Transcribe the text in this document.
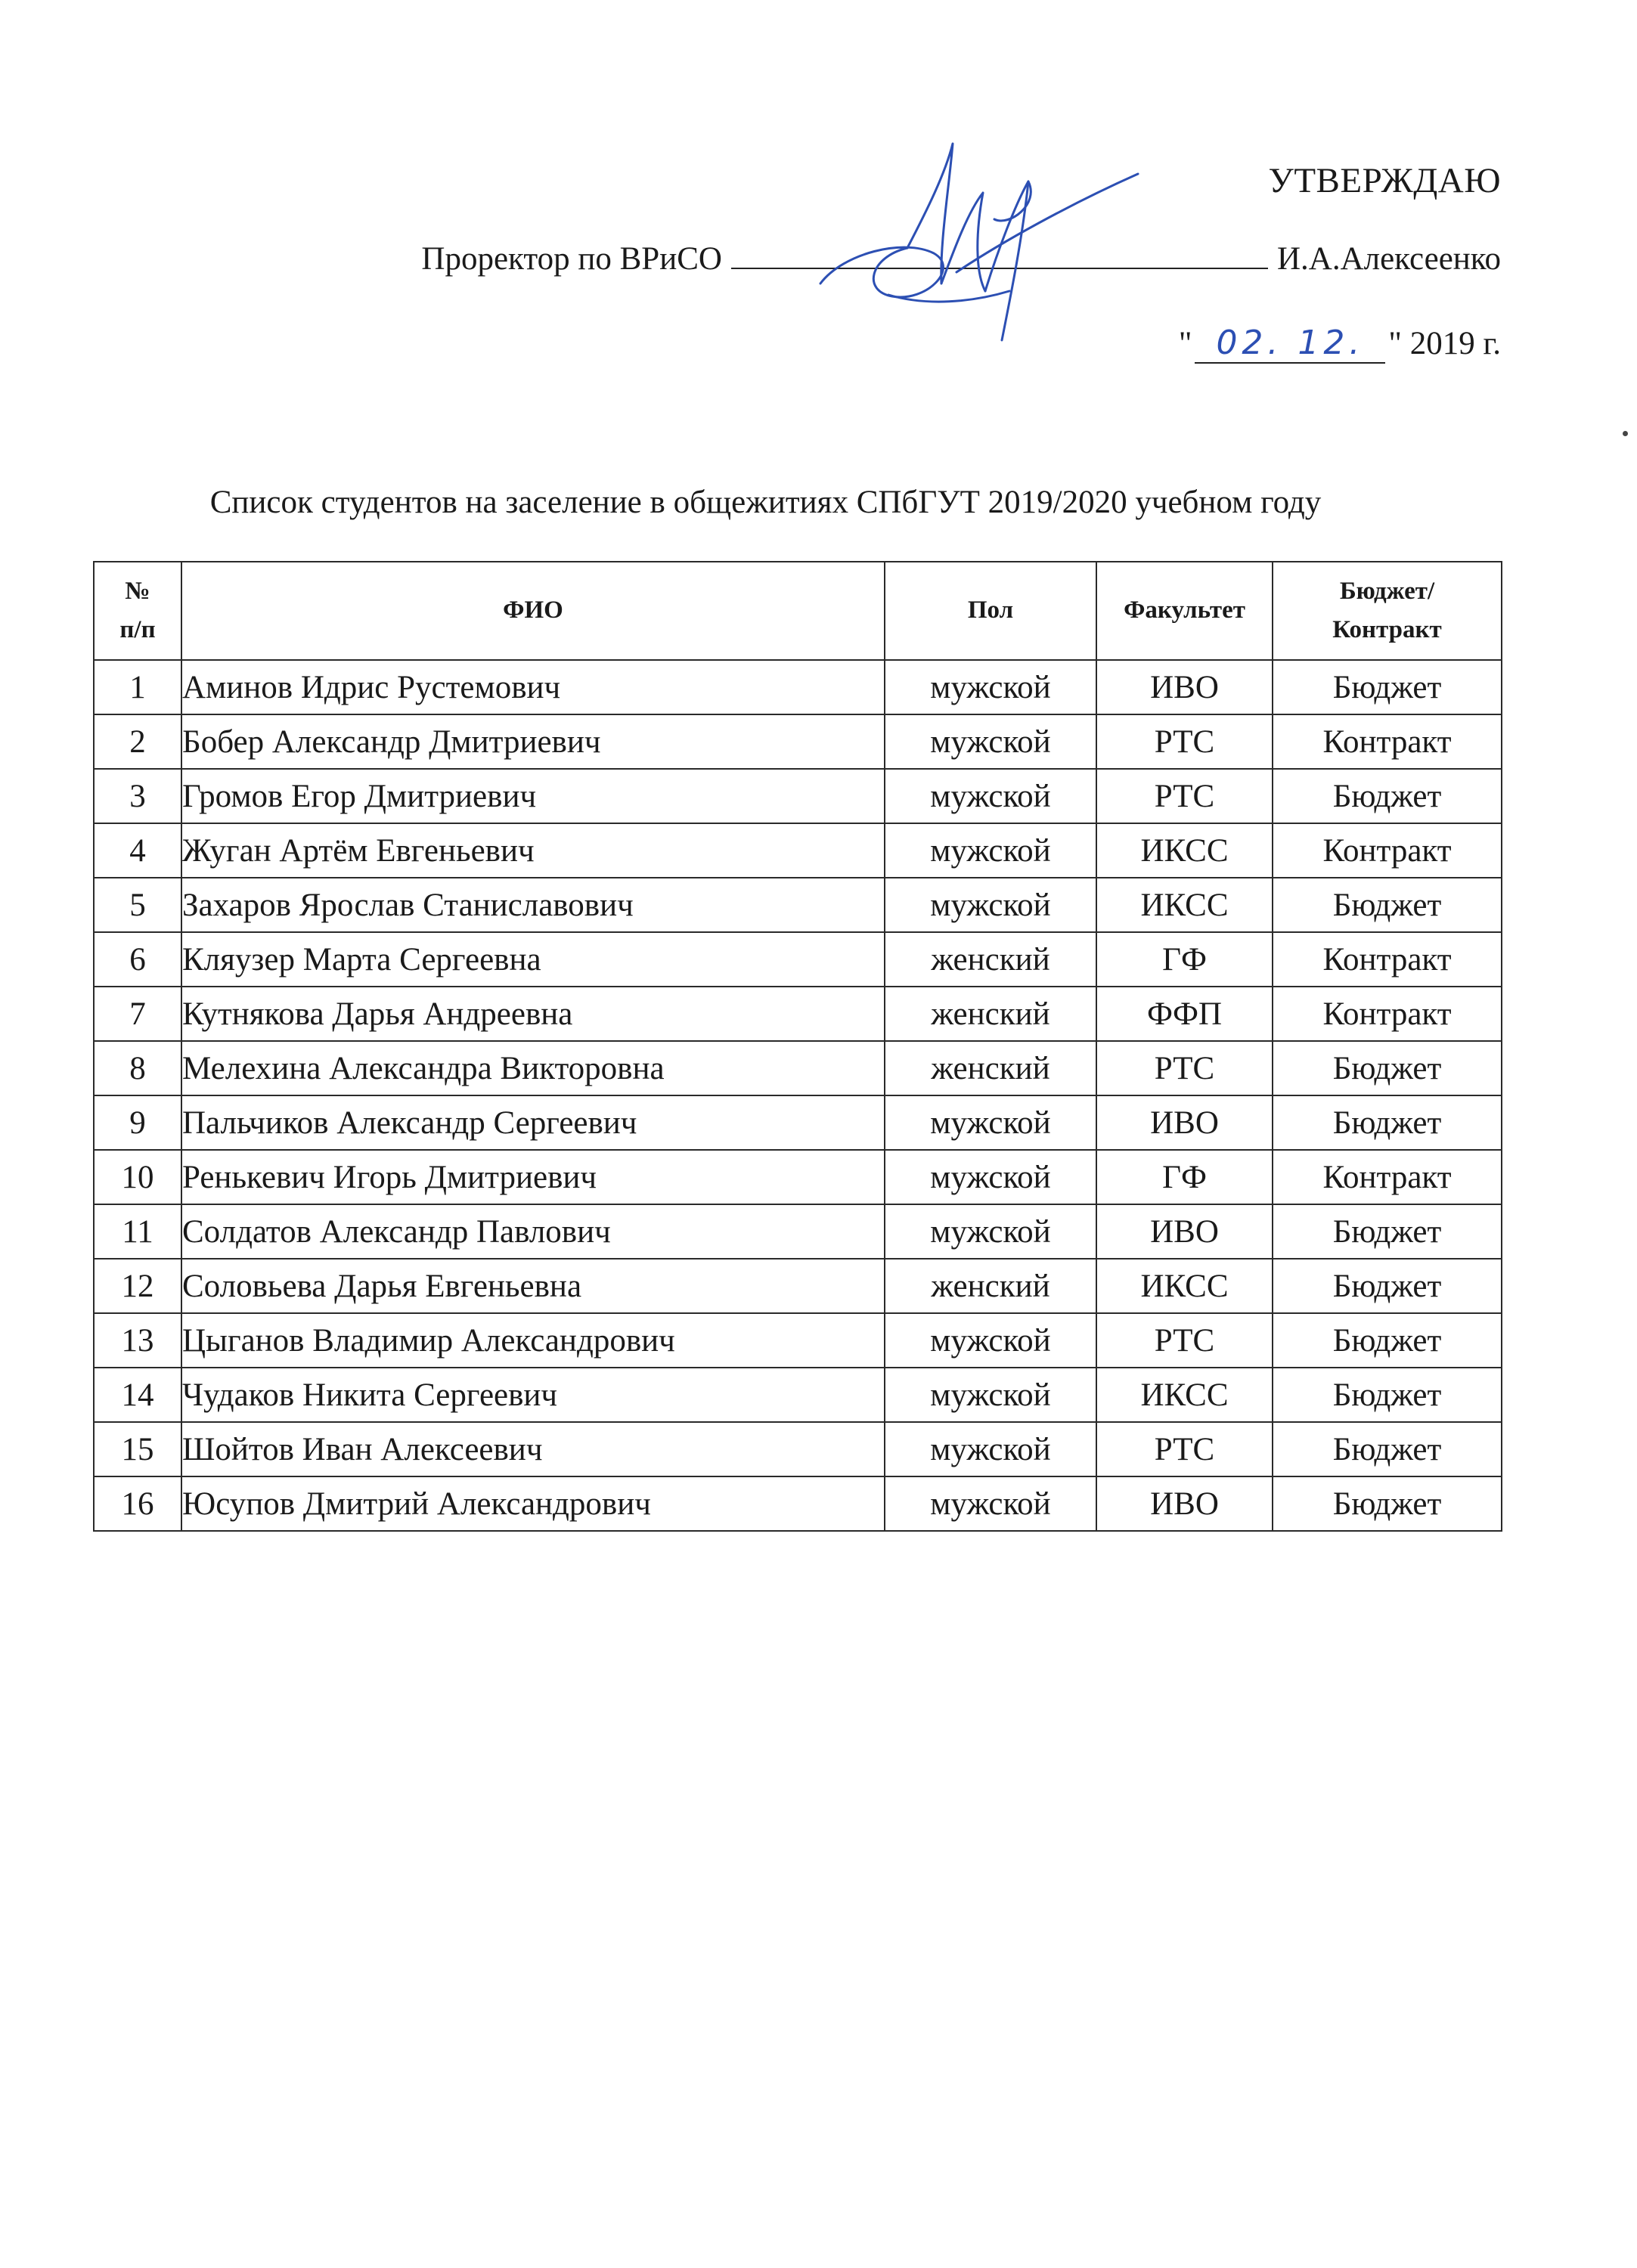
УТВЕРЖДАЮ
Проректор по ВРиСО	И.А.Алексеенко
" 02. 12. " 2019 г.
Список студентов на заселение в общежитиях СПбГУТ 2019/2020 учебном году
№ п/п	ФИО	Пол	Факультет	Бюджет/ Контракт
1	Аминов Идрис Рустемович	мужской	ИВО	Бюджет
2	Бобер Александр Дмитриевич	мужской	РТС	Контракт
3	Громов Егор Дмитриевич	мужской	РТС	Бюджет
4	Жуган Артём Евгеньевич	мужской	ИКСС	Контракт
5	Захаров Ярослав Станиславович	мужской	ИКСС	Бюджет
6	Кляузер Марта Сергеевна	женский	ГФ	Контракт
7	Кутнякова Дарья Андреевна	женский	ФФП	Контракт
8	Мелехина Александра Викторовна	женский	РТС	Бюджет
9	Пальчиков Александр Сергеевич	мужской	ИВО	Бюджет
10	Ренькевич Игорь Дмитриевич	мужской	ГФ	Контракт
11	Солдатов Александр Павлович	мужской	ИВО	Бюджет
12	Соловьева Дарья Евгеньевна	женский	ИКСС	Бюджет
13	Цыганов Владимир Александрович	мужской	РТС	Бюджет
14	Чудаков Никита Сергеевич	мужской	ИКСС	Бюджет
15	Шойтов Иван Алексеевич	мужской	РТС	Бюджет
16	Юсупов Дмитрий Александрович	мужской	ИВО	Бюджет
